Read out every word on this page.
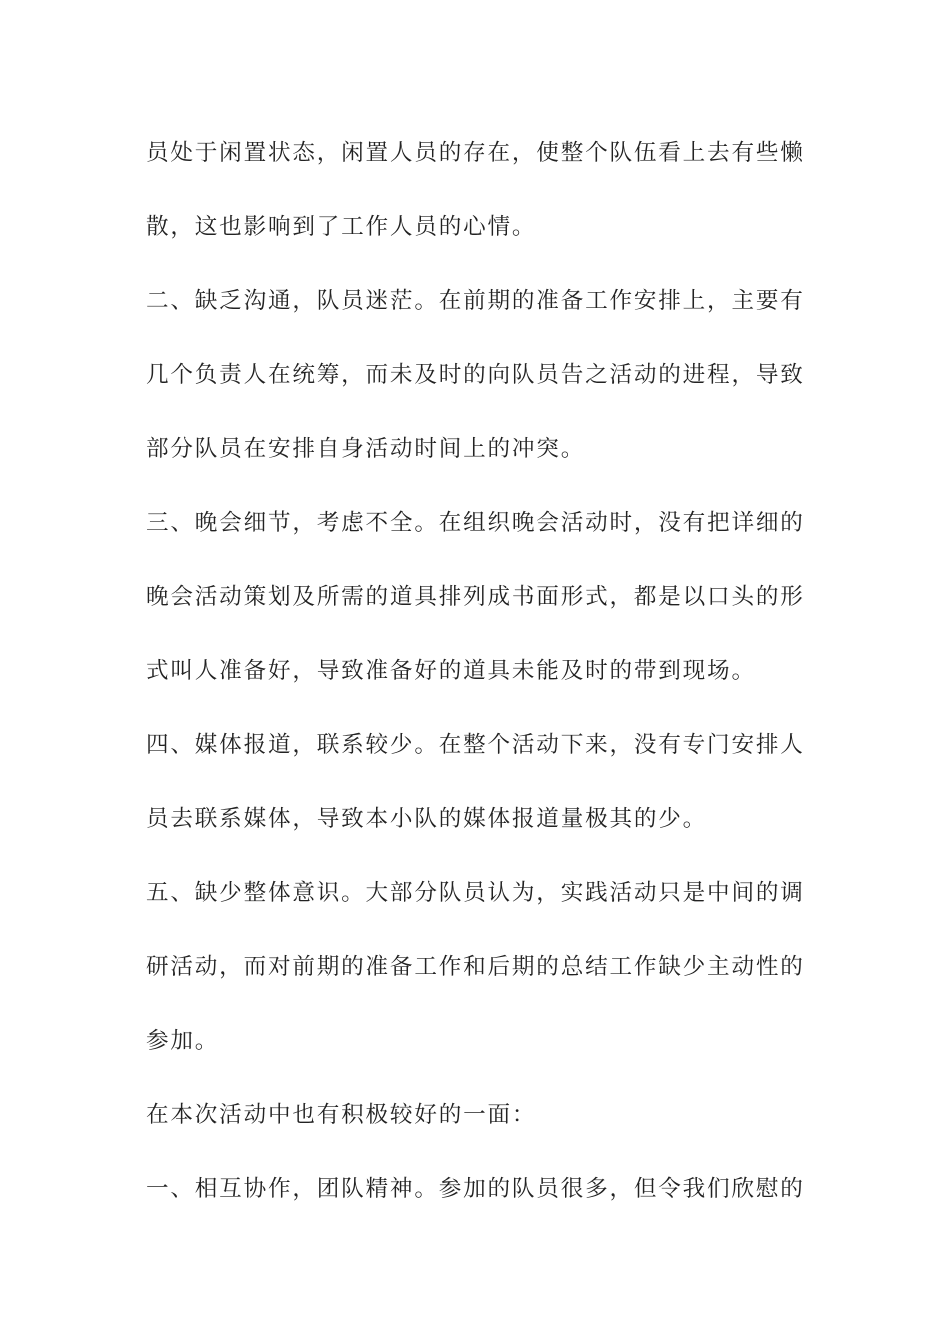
员处于闲置状态，闲置人员的存在，使整个队伍看上去有些懒
散，这也影响到了工作人员的心情。
二、缺乏沟通，队员迷茫。在前期的准备工作安排上，主要有
几个负责人在统筹，而未及时的向队员告之活动的进程，导致
部分队员在安排自身活动时间上的冲突。
三、晚会细节，考虑不全。在组织晚会活动时，没有把详细的
晚会活动策划及所需的道具排列成书面形式，都是以口头的形
式叫人准备好，导致准备好的道具未能及时的带到现场。
四、媒体报道，联系较少。在整个活动下来，没有专门安排人
员去联系媒体，导致本小队的媒体报道量极其的少。
五、缺少整体意识。大部分队员认为，实践活动只是中间的调
研活动，而对前期的准备工作和后期的总结工作缺少主动性的
参加。
在本次活动中也有积极较好的一面：
一、相互协作，团队精神。参加的队员很多，但令我们欣慰的
